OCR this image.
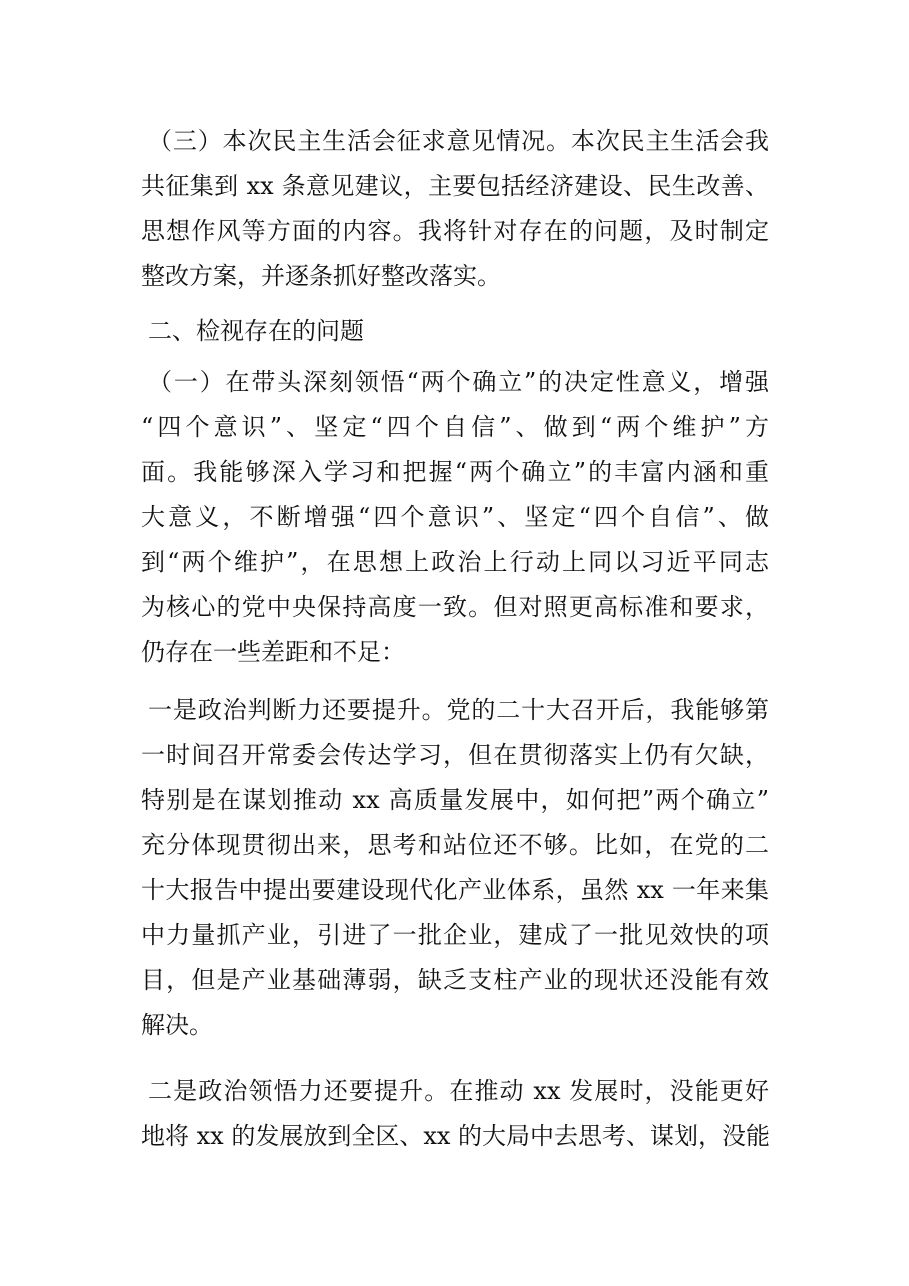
（三）本次民主生活会征求意见情况。本次民主生活会我
共征集到 xx 条意见建议，主要包括经济建设、民生改善、
思想作风等方面的内容。我将针对存在的问题，及时制定
整改方案，并逐条抓好整改落实。
二、检视存在的问题
（一）在带头深刻领悟“两个确立”的决定性意义，增强
“四个意识”、坚定“四个自信”、做到“两个维护”方
面。我能够深入学习和把握“两个确立”的丰富内涵和重
大意义，不断增强“四个意识”、坚定“四个自信”、做
到“两个维护”，在思想上政治上行动上同以习近平同志
为核心的党中央保持高度一致。但对照更高标准和要求，
仍存在一些差距和不足：
一是政治判断力还要提升。党的二十大召开后，我能够第
一时间召开常委会传达学习，但在贯彻落实上仍有欠缺，
特别是在谋划推动 xx 高质量发展中，如何把”两个确立”
充分体现贯彻出来，思考和站位还不够。比如，在党的二
十大报告中提出要建设现代化产业体系，虽然 xx 一年来集
中力量抓产业，引进了一批企业，建成了一批见效快的项
目，但是产业基础薄弱，缺乏支柱产业的现状还没能有效
解决。
二是政治领悟力还要提升。在推动 xx 发展时，没能更好
地将 xx 的发展放到全区、xx 的大局中去思考、谋划，没能
